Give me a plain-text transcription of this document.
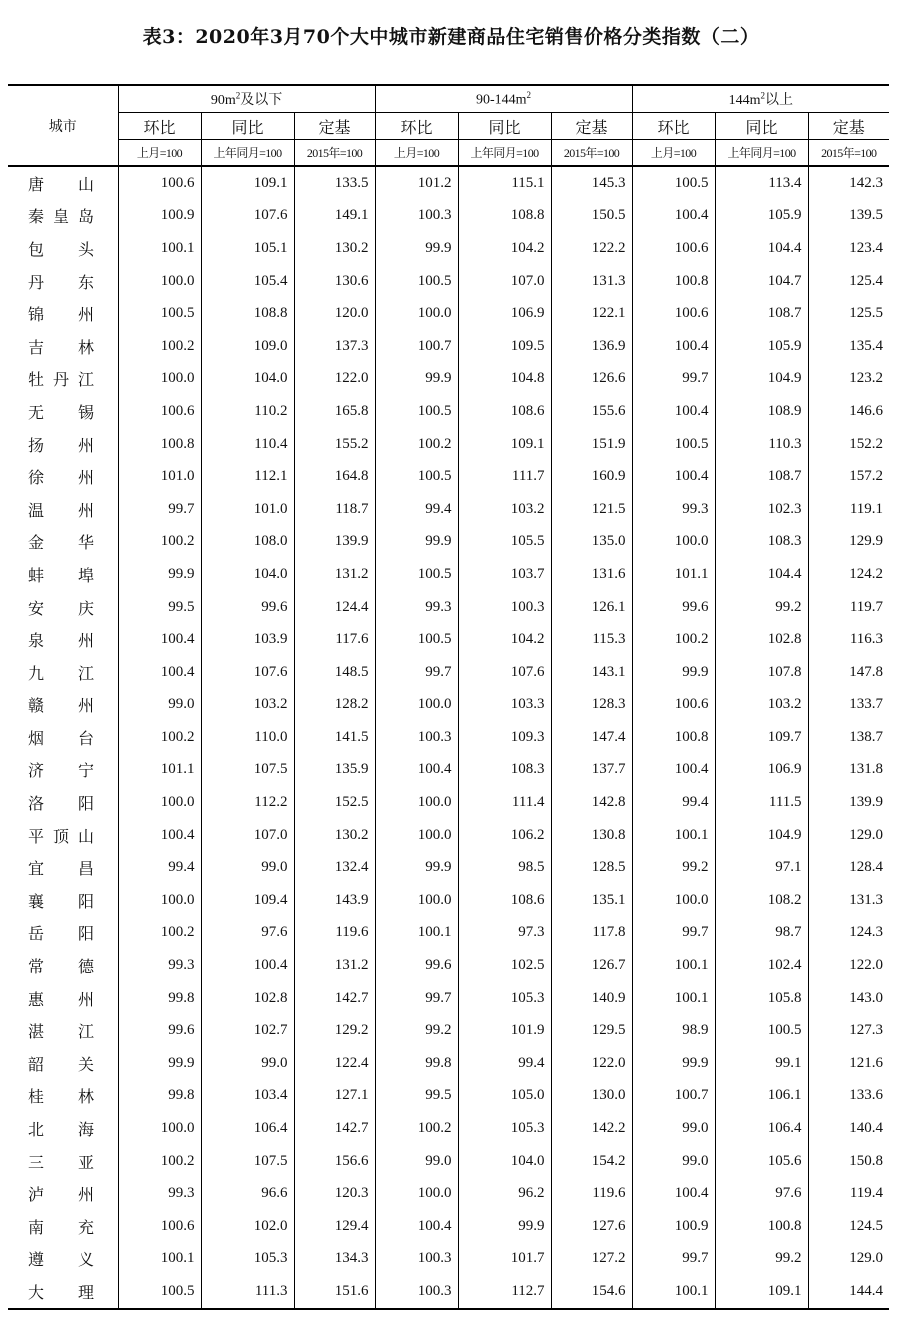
表3：2020年3月70个大中城市新建商品住宅销售价格分类指数（二）
城市	$90m^2$及以下			$90-144m^2$			$144m^2$以上		
	环比	同比	定基	环比	同比	定基	环比	同比	定基
	上月=100	上年同月=100	2015年=100	上月=100	上年同月=100	2015年=100	上月=100	上年同月=100	2015年=100
唐山	100.6	109.1	133.5	101.2	115.1	145.3	100.5	113.4	142.3
秦皇岛	100.9	107.6	149.1	100.3	108.8	150.5	100.4	105.9	139.5
包头	100.1	105.1	130.2	99.9	104.2	122.2	100.6	104.4	123.4
丹东	100.0	105.4	130.6	100.5	107.0	131.3	100.8	104.7	125.4
锦州	100.5	108.8	120.0	100.0	106.9	122.1	100.6	108.7	125.5
吉林	100.2	109.0	137.3	100.7	109.5	136.9	100.4	105.9	135.4
牡丹江	100.0	104.0	122.0	99.9	104.8	126.6	99.7	104.9	123.2
无锡	100.6	110.2	165.8	100.5	108.6	155.6	100.4	108.9	146.6
扬州	100.8	110.4	155.2	100.2	109.1	151.9	100.5	110.3	152.2
徐州	101.0	112.1	164.8	100.5	111.7	160.9	100.4	108.7	157.2
温州	99.7	101.0	118.7	99.4	103.2	121.5	99.3	102.3	119.1
金华	100.2	108.0	139.9	99.9	105.5	135.0	100.0	108.3	129.9
蚌埠	99.9	104.0	131.2	100.5	103.7	131.6	101.1	104.4	124.2
安庆	99.5	99.6	124.4	99.3	100.3	126.1	99.6	99.2	119.7
泉州	100.4	103.9	117.6	100.5	104.2	115.3	100.2	102.8	116.3
九江	100.4	107.6	148.5	99.7	107.6	143.1	99.9	107.8	147.8
赣州	99.0	103.2	128.2	100.0	103.3	128.3	100.6	103.2	133.7
烟台	100.2	110.0	141.5	100.3	109.3	147.4	100.8	109.7	138.7
济宁	101.1	107.5	135.9	100.4	108.3	137.7	100.4	106.9	131.8
洛阳	100.0	112.2	152.5	100.0	111.4	142.8	99.4	111.5	139.9
平顶山	100.4	107.0	130.2	100.0	106.2	130.8	100.1	104.9	129.0
宜昌	99.4	99.0	132.4	99.9	98.5	128.5	99.2	97.1	128.4
襄阳	100.0	109.4	143.9	100.0	108.6	135.1	100.0	108.2	131.3
岳阳	100.2	97.6	119.6	100.1	97.3	117.8	99.7	98.7	124.3
常德	99.3	100.4	131.2	99.6	102.5	126.7	100.1	102.4	122.0
惠州	99.8	102.8	142.7	99.7	105.3	140.9	100.1	105.8	143.0
湛江	99.6	102.7	129.2	99.2	101.9	129.5	98.9	100.5	127.3
韶关	99.9	99.0	122.4	99.8	99.4	122.0	99.9	99.1	121.6
桂林	99.8	103.4	127.1	99.5	105.0	130.0	100.7	106.1	133.6
北海	100.0	106.4	142.7	100.2	105.3	142.2	99.0	106.4	140.4
三亚	100.2	107.5	156.6	99.0	104.0	154.2	99.0	105.6	150.8
泸州	99.3	96.6	120.3	100.0	96.2	119.6	100.4	97.6	119.4
南充	100.6	102.0	129.4	100.4	99.9	127.6	100.9	100.8	124.5
遵义	100.1	105.3	134.3	100.3	101.7	127.2	99.7	99.2	129.0
大理	100.5	111.3	151.6	100.3	112.7	154.6	100.1	109.1	144.4
